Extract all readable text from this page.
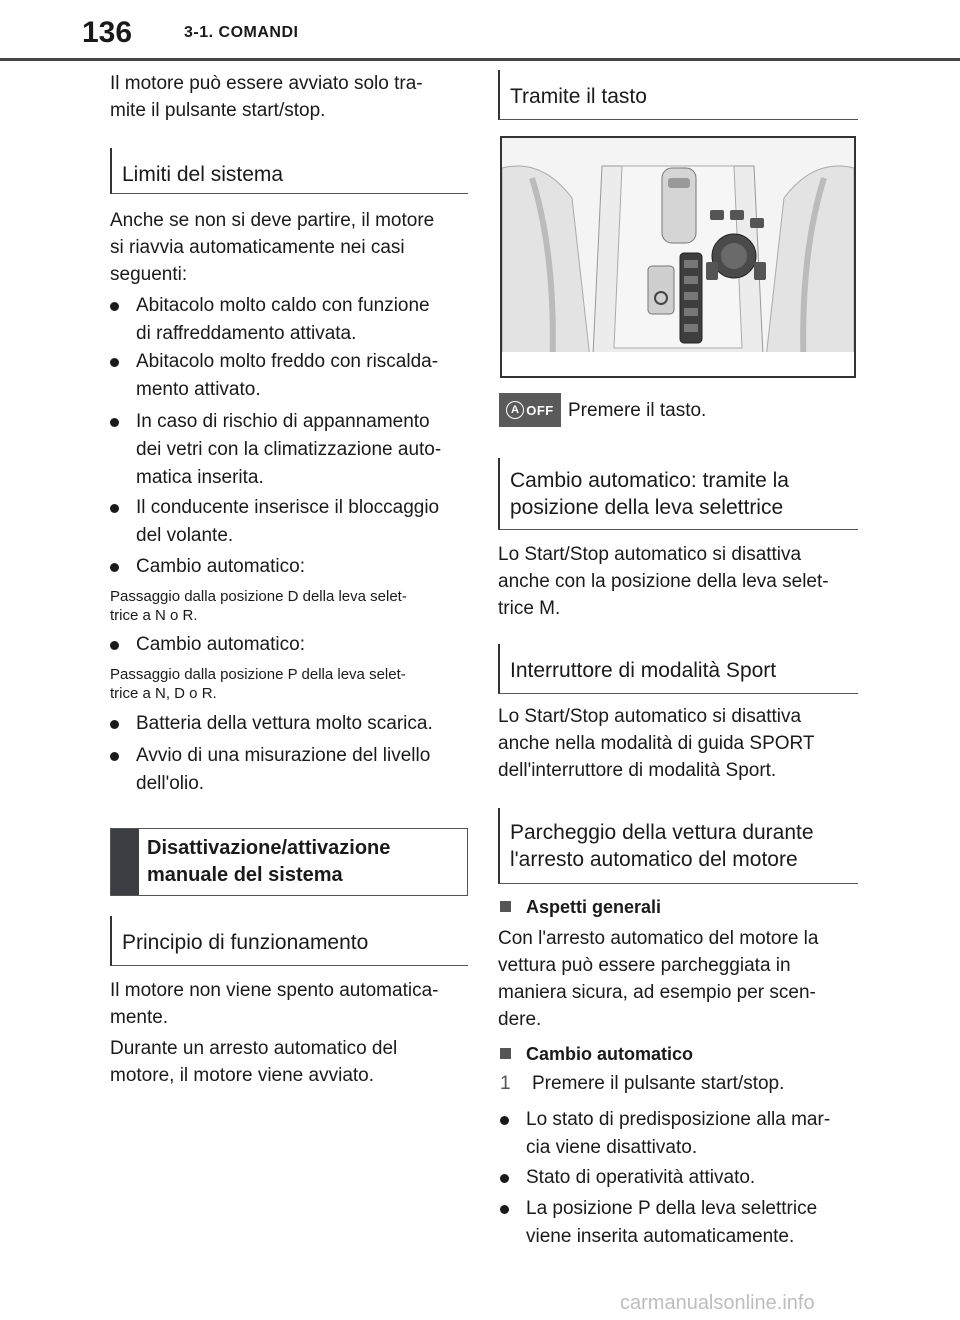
136	3-1. COMANDI

Il motore può essere avviato solo tra-

mite il pulsante start/stop.

Limiti del sistema

Anche se non si deve partire, il motore

si riavvia automaticamente nei casi

seguenti:

Abitacolo molto caldo con funzione
di raffreddamento attivata.
Abitacolo molto freddo con riscalda-
mento attivato.
In caso di rischio di appannamento
dei vetri con la climatizzazione auto-
matica inserita.
Il conducente inserisce il bloccaggio
del volante.
Cambio automatico:

Passaggio dalla posizione D della leva selet-

trice a N o R.

Cambio automatico:

Passaggio dalla posizione P della leva selet-

trice a N, D o R.

Batteria della vettura molto scarica.
Avvio di una misurazione del livello
dell'olio.
Disattivazione/attivazione
manuale del sistema
Principio di funzionamento

Il motore non viene spento automatica-

mente.

Durante un arresto automatico del

motore, il motore viene avviato.

Tramite il tasto
A OFF Premere il tasto.

Cambio automatico: tramite la
posizione della leva selettrice

Lo Start/Stop automatico si disattiva

anche con la posizione della leva selet-

trice M.

Interruttore di modalità Sport

Lo Start/Stop automatico si disattiva

anche nella modalità di guida SPORT

dell'interruttore di modalità Sport.

Parcheggio della vettura durante
l'arresto automatico del motore
Aspetti generali

Con l'arresto automatico del motore la

vettura può essere parcheggiata in

maniera sicura, ad esempio per scen-

dere.

Cambio automatico
1 Premere il pulsante start/stop.
Lo stato di predisposizione alla mar-
cia viene disattivato.
Stato di operatività attivato.
La posizione P della leva selettrice
viene inserita automaticamente.
carmanualsonline.info
